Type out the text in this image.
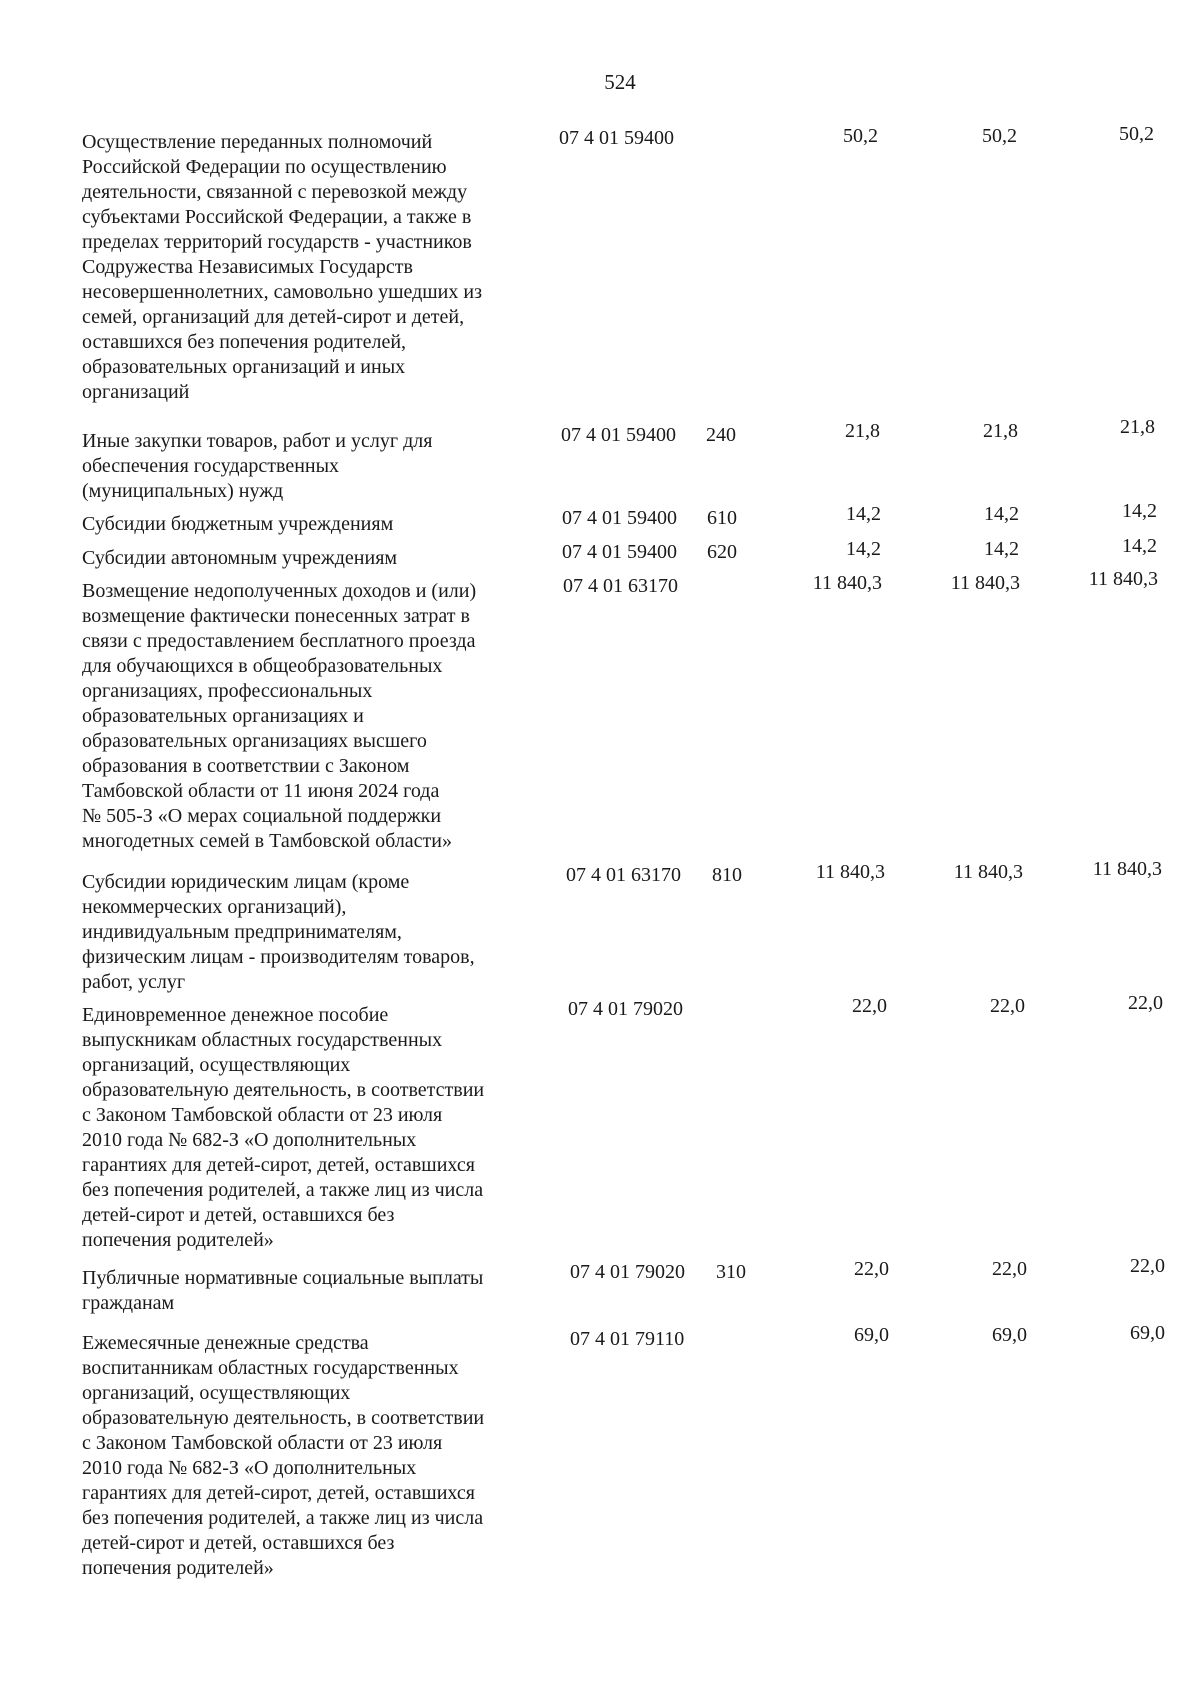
524
Осуществление переданных полномочий
Российской Федерации по осуществлению
деятельности, связанной с перевозкой между
субъектами Российской Федерации, а также в
пределах территорий государств - участников
Содружества Независимых Государств
несовершеннолетних, самовольно ушедших из
семей, организаций для детей-сирот и детей,
оставшихся без попечения родителей,
образовательных организаций и иных
организаций
07 4 01 59400	50,2	50,2	50,2
Иные закупки товаров, работ и услуг для
обеспечения государственных
(муниципальных) нужд
07 4 01 59400 240	21,8	21,8	21,8
Субсидии бюджетным учреждениям	07 4 01 59400 610	14,2	14,2	14,2
Субсидии автономным учреждениям	07 4 01 59400 620	14,2	14,2	14,2
Возмещение недополученных доходов и (или)
возмещение фактически понесенных затрат в
связи с предоставлением бесплатного проезда
для обучающихся в общеобразовательных
организациях, профессиональных
образовательных организациях и
образовательных организациях высшего
образования в соответствии с Законом
Тамбовской области от 11 июня 2024 года
№ 505-З «О мерах социальной поддержки
многодетных семей в Тамбовской области»
07 4 01 63170	11 840,3	11 840,3	11 840,3
Субсидии юридическим лицам (кроме
некоммерческих организаций),
индивидуальным предпринимателям,
физическим лицам - производителям товаров,
работ, услуг
07 4 01 63170 810	11 840,3	11 840,3	11 840,3
Единовременное денежное пособие
выпускникам областных государственных
организаций, осуществляющих
образовательную деятельность, в соответствии
с Законом Тамбовской области от 23 июля
2010 года № 682-З «О дополнительных
гарантиях для детей-сирот, детей, оставшихся
без попечения родителей, а также лиц из числа
детей-сирот и детей, оставшихся без
попечения родителей»
07 4 01 79020	22,0	22,0	22,0
Публичные нормативные социальные выплаты
гражданам
07 4 01 79020 310	22,0	22,0	22,0
Ежемесячные денежные средства
воспитанникам областных государственных
организаций, осуществляющих
образовательную деятельность, в соответствии
с Законом Тамбовской области от 23 июля
2010 года № 682-З «О дополнительных
гарантиях для детей-сирот, детей, оставшихся
без попечения родителей, а также лиц из числа
детей-сирот и детей, оставшихся без
попечения родителей»
07 4 01 79110	69,0	69,0	69,0
